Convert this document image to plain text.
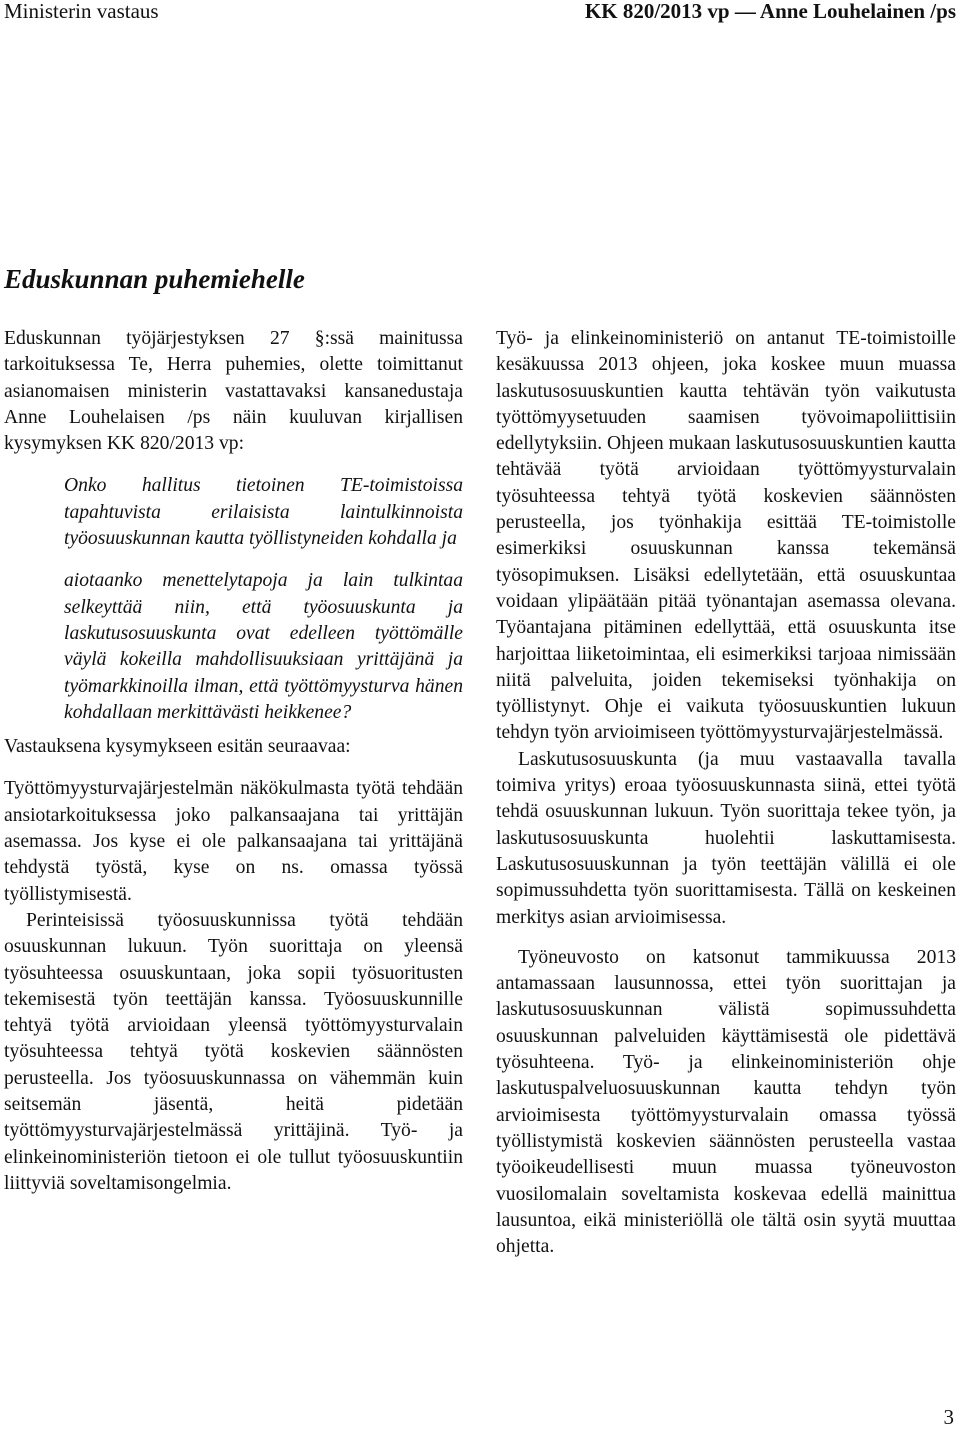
Ministerin vastaus	KK 820/2013 vp — Anne Louhelainen /ps
Eduskunnan puhemiehelle

Eduskunnan työjärjestyksen 27 §:ssä mainitussa tarkoituksessa Te, Herra puhemies, olette toimittanut asianomaisen ministerin vastattavaksi kansanedustaja Anne Louhelaisen /ps näin kuuluvan kirjallisen kysymyksen KK 820/2013 vp:

Onko hallitus tietoinen TE-toimistoissa tapahtuvista erilaisista laintulkinnoista työosuuskunnan kautta työllistyneiden kohdalla ja

aiotaanko menettelytapoja ja lain tulkintaa selkeyttää niin, että työosuuskunta ja laskutusosuuskunta ovat edelleen työttömälle väylä kokeilla mahdollisuuksiaan yrittäjänä ja työmarkkinoilla ilman, että työttömyysturva hänen kohdallaan merkittävästi heikkenee?

Vastauksena kysymykseen esitän seuraavaa:

Työttömyysturvajärjestelmän näkökulmasta työtä tehdään ansiotarkoituksessa joko palkansaajana tai yrittäjän asemassa. Jos kyse ei ole palkansaajana tai yrittäjänä tehdystä työstä, kyse on ns. omassa työssä työllistymisestä.

Perinteisissä työosuuskunnissa työtä tehdään osuuskunnan lukuun. Työn suorittaja on yleensä työsuhteessa osuuskuntaan, joka sopii työsuoritusten tekemisestä työn teettäjän kanssa. Työosuuskunnille tehtyä työtä arvioidaan yleensä työttömyysturvalain työsuhteessa tehtyä työtä koskevien säännösten perusteella. Jos työosuuskunnassa on vähemmän kuin seitsemän jäsentä, heitä pidetään työttömyysturvajärjestelmässä yrittäjinä. Työ- ja elinkeinoministeriön tietoon ei ole tullut työosuuskuntiin liittyviä soveltamisongelmia.

Työ- ja elinkeinoministeriö on antanut TE-toimistoille kesäkuussa 2013 ohjeen, joka koskee muun muassa laskutusosuuskuntien kautta tehtävän työn vaikutusta työttömyysetuuden saamisen työvoimapoliittisiin edellytyksiin. Ohjeen mukaan laskutusosuuskuntien kautta tehtävää työtä arvioidaan työttömyysturvalain työsuhteessa tehtyä työtä koskevien säännösten perusteella, jos työnhakija esittää TE-toimistolle esimerkiksi osuuskunnan kanssa tekemänsä työsopimuksen. Lisäksi edellytetään, että osuuskuntaa voidaan ylipäätään pitää työnantajan asemassa olevana. Työantajana pitäminen edellyttää, että osuuskunta itse harjoittaa liiketoimintaa, eli esimerkiksi tarjoaa nimissään niitä palveluita, joiden tekemiseksi työnhakija on työllistynyt. Ohje ei vaikuta työosuuskuntien lukuun tehdyn työn arvioimiseen työttömyysturvajärjestelmässä.

Laskutusosuuskunta (ja muu vastaavalla tavalla toimiva yritys) eroaa työosuuskunnasta siinä, ettei työtä tehdä osuuskunnan lukuun. Työn suorittaja tekee työn, ja laskutusosuuskunta huolehtii laskuttamisesta. Laskutusosuuskunnan ja työn teettäjän välillä ei ole sopimussuhdetta työn suorittamisesta. Tällä on keskeinen merkitys asian arvioimisessa.

Työneuvosto on katsonut tammikuussa 2013 antamassaan lausunnossa, ettei työn suorittajan ja laskutusosuuskunnan välistä sopimussuhdetta osuuskunnan palveluiden käyttämisestä ole pidettävä työsuhteena. Työ- ja elinkeinoministeriön ohje laskutuspalveluosuuskunnan kautta tehdyn työn arvioimisesta työttömyysturvalain omassa työssä työllistymistä koskevien säännösten perusteella vastaa työoikeudellisesti muun muassa työneuvoston vuosilomalain soveltamista koskevaa edellä mainittua lausuntoa, eikä ministeriöllä ole tältä osin syytä muuttaa ohjetta.

3
